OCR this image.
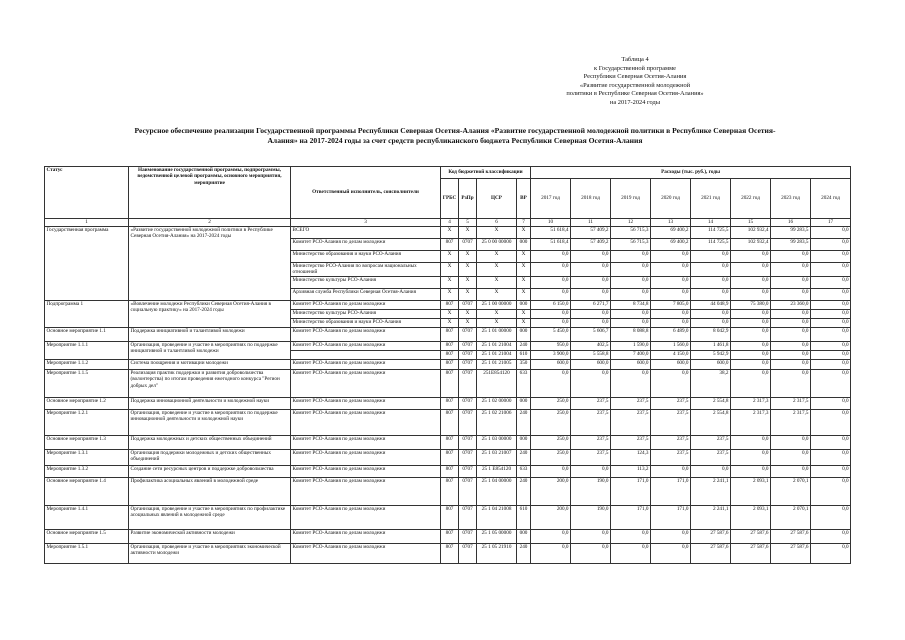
Таблица 4
к Государственной программе
Республики Северная Осетия-Алания
«Развитие государственной молодежной
политики в Республике Северная Осетия-Алания»
на 2017-2024 годы
Ресурсное обеспечение реализации Государственной программы Республики Северная Осетия-Алания «Развитие государственной молодежной политики в Республике Северная Осетия-
Алания» на 2017-2024 годы за счет средств республиканского бюджета Республики Северная Осетия-Алания
Статус	Наименование государственной программы, подпрограммы, ведомственной целевой программы, основного мероприятия, мероприятие	Ответственный исполнитель, соисполнители	Код бюджетной классификации				Расходы (тыс. руб.), годы							
			ГРБС	РзПр	ЦСР	ВР	2017 год	2018 год	2019 год	2020 год	2021 год	2022 год	2023 год	2024 год
1	2	3	4	5	6	7	10	11	12	13	14	15	16	17
Государственная программа	«Развитие государственной молодежной политики в Республике Северная Осетия-Алания» на 2017-2024 годы	ВСЕГО	Х	Х	Х	Х	51 618,4	57 409,2	56 715,3	69 400,2	114 725,5	102 932,4	99 283,5	0,0
		Комитет РСО-Алания по делам молодежи	807	0707	25 0 00 00000	000	51 618,4	57 409,2	56 715,3	69 400,2	114 725,5	102 932,4	99 283,5	0,0
		Министерство образования и науки РСО-Алания	Х	Х	Х	Х	0,0	0,0	0,0	0,0	0,0	0,0	0,0	0,0
		Министерство РСО-Алания по вопросам национальных отношений	Х	Х	Х	Х	0,0	0,0	0,0	0,0	0,0	0,0	0,0	0,0
		Министерство культуры РСО-Алания	Х	Х	Х	Х	0,0	0,0	0,0	0,0	0,0	0,0	0,0	0,0
		Архивная служба Республики Северная Осетия-Алания	Х	Х	Х	Х	0,0	0,0	0,0	0,0	0,0	0,0	0,0	0,0
Подпрограмма 1	«Вовлечение молодежи Республики Северная Осетия-Алания в социальную практику» на 2017-2024 годы	Комитет РСО-Алания по делам молодежи	807	0707	25 1 00 00000	000	6 150,0	6 271,7	8 734,8	7 805,0	44 048,9	75 380,0	23 360,0	0,0
		Министерство культуры РСО-Алания	Х	Х	Х	Х	0,0	0,0	0,0	0,0	0,0	0,0	0,0	0,0
		Министерство образования и науки РСО-Алания	Х	Х	Х	Х	0,0	0,0	0,0	0,0	0,0	0,0	0,0	0,0
Основное мероприятие 1.1	Поддержка инициативной и талантливой молодежи	Комитет РСО-Алания по делам молодежи	807	0707	25 1 01 00000	000	5 450,0	5 606,7	8 088,8	6 489,0	8 042,9	0,0	0,0	0,0
Мероприятие 1.1.1	Организация, проведение и участие в мероприятиях по поддержке инициативной и талантливой молодежи	Комитет РСО-Алания по делам молодежи	807	0707	25 1 01 21004	240	950,0	402,5	1 590,0	1 560,0	1 461,8	0,0	0,0	0,0
			807	0707	25 1 01 21004	610	3 900,0	5 558,8	7 400,0	4 150,0	5 942,9	0,0	0,0	0,0
Мероприятие 1.1.2	Система поощрения и мотивации молодежи	Комитет РСО-Алания по делам молодежи	807	0707	25 1 01 21005	350	600,0	600,0	600,0	600,0	600,0	0,0	0,0	0,0
Мероприятие 1.1.5	Реализация практик поддержки и развития добровольчества (волонтерства) по итогам проведения ежегодного конкурса "Регион добрых дел"	Комитет РСО-Алания по делам молодежи	807	0707	251Е854120	633	0,0	0,0	0,0	0,0	38,2	0,0	0,0	0,0
Основное мероприятие 1.2	Поддержка инновационной деятельности и молодежной науки	Комитет РСО-Алания по делам молодежи	807	0707	25 1 02 00000	000	250,0	237,5	237,5	237,5	2 554,8	2 317,3	2 317,5	0,0
Мероприятие 1.2.1	Организация, проведение и участие в мероприятиях по поддержке инновационной деятельности и молодежной науки	Комитет РСО-Алания по делам молодежи	807	0707	25 1 02 21006	240	250,0	237,5	237,5	237,5	2 554,8	2 317,3	2 317,5	0,0
Основное мероприятие 1.3	Поддержка молодежных и детских общественных объединений	Комитет РСО-Алания по делам молодежи	807	0707	25 1 03 00000	000	250,0	237,5	237,5	237,5	237,5	0,0	0,0	0,0
Мероприятие 1.3.1	Организация поддержки молодежных и детских общественных объединений	Комитет РСО-Алания по делам молодежи	807	0707	25 1 03 21007	240	250,0	237,5	124,3	237,5	237,5	0,0	0,0	0,0
Мероприятие 1.3.2	Создание сети ресурсных центров и поддержке добровольчества	Комитет РСО-Алания по делам молодежи	807	0707	25 1 Е854120	633	0,0	0,0	113,2	0,0	0,0	0,0	0,0	0,0
Основное мероприятие 1.4	Профилактика асоциальных явлений в молодежной среде	Комитет РСО-Алания по делам молодежи	807	0707	25 1 04 00000	240	200,0	190,0	171,0	171,0	2 241,1	2 093,1	2 070,1	0,0
Мероприятие 1.4.1	Организация, проведение и участие в мероприятиях по профилактике асоциальных явлений в молодежной среде	Комитет РСО-Алания по делам молодежи	807	0707	25 1 04 21008	610	200,0	190,0	171,0	171,0	2 241,1	2 093,1	2 070,1	0,0
Основное мероприятие 1.5	Развитие экономической активности молодежи	Комитет РСО-Алания по делам молодежи	807	0707	25 1 05 00000	000	0,0	0,0	0,0	0,0	27 587,6	27 587,6	27 587,6	0,0
Мероприятие 1.5.1	Организация, проведение и участие в мероприятиях экономической активности молодежи	Комитет РСО-Алания по делам молодежи	807	0707	25 1 05 21910	240	0,0	0,0	0,0	0,0	27 587,6	27 587,6	27 587,6	0,0
